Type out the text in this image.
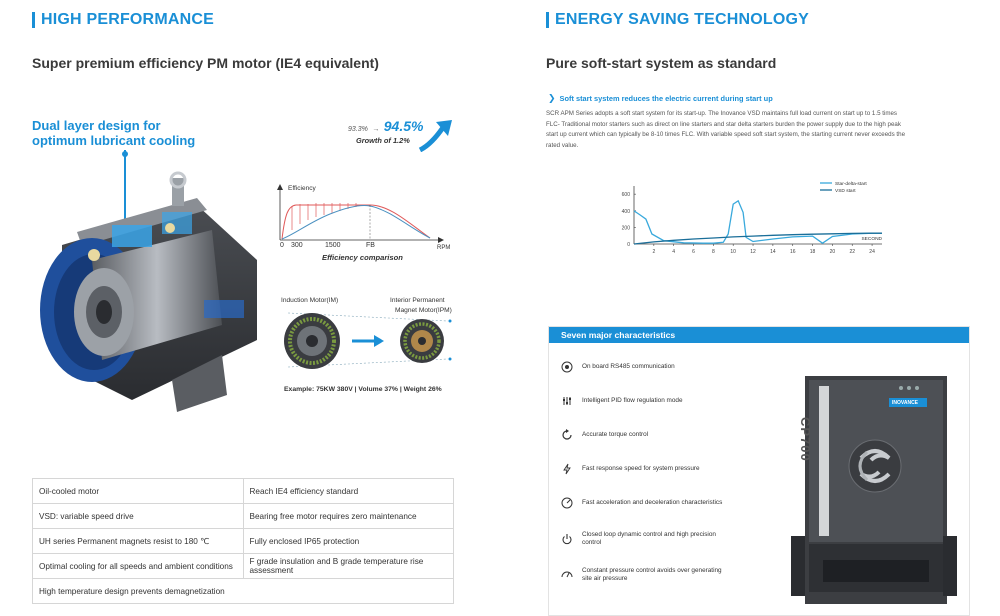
HIGH PERFORMANCE
Super premium efficiency PM motor (IE4 equivalent)
Dual layer design for
optimum lubricant cooling
93.3% → 94.5%
Growth of 1.2%
Efficiency
0 300	1500	FB	RPM
Efficiency comparison
Induction Motor(IM)	Interior Permanent
Magnet Motor(IPM)
Example: 75KW 380V | Volume 37% | Weight 26%
Oil-cooled motor	Reach IE4 efficiency standard
VSD: variable speed drive	Bearing free motor requires zero maintenance
UH series Permanent magnets resist to 180 ℃	Fully enclosed IP65 protection
Optimal cooling for all speeds and ambient conditions	F grade insulation and B grade temperature rise assessment
High temperature design prevents demagnetization	
ENERGY SAVING TECHNOLOGY
Pure soft-start system as standard
❯ Soft start system reduces the electric current during start up
SCR APM Series adopts a soft start system for its start-up. The Inovance VSD maintains full load current on start up to 1.5 times
FLC- Traditional motor starters such as direct on line starters and star delta starters burden the power supply due to the high peak
start up current which can typically be 8-10 times FLC. With variable speed soft start system, the starting current never exceeds the
rated value.
0
200
400
600
2	4	6	8	10	12	14	16	18	20	22	24
SECOND
Star-delta-start
VSD start
Seven major characteristics
On board RS485 communication
Intelligent PID flow regulation mode
Accurate torque control
Fast response speed for system pressure
Fast acceleration and deceleration characteristics
Closed loop dynamic control and high precision
control
Constant pressure control avoids over generating
site air pressure
INOVANCE
CP700
